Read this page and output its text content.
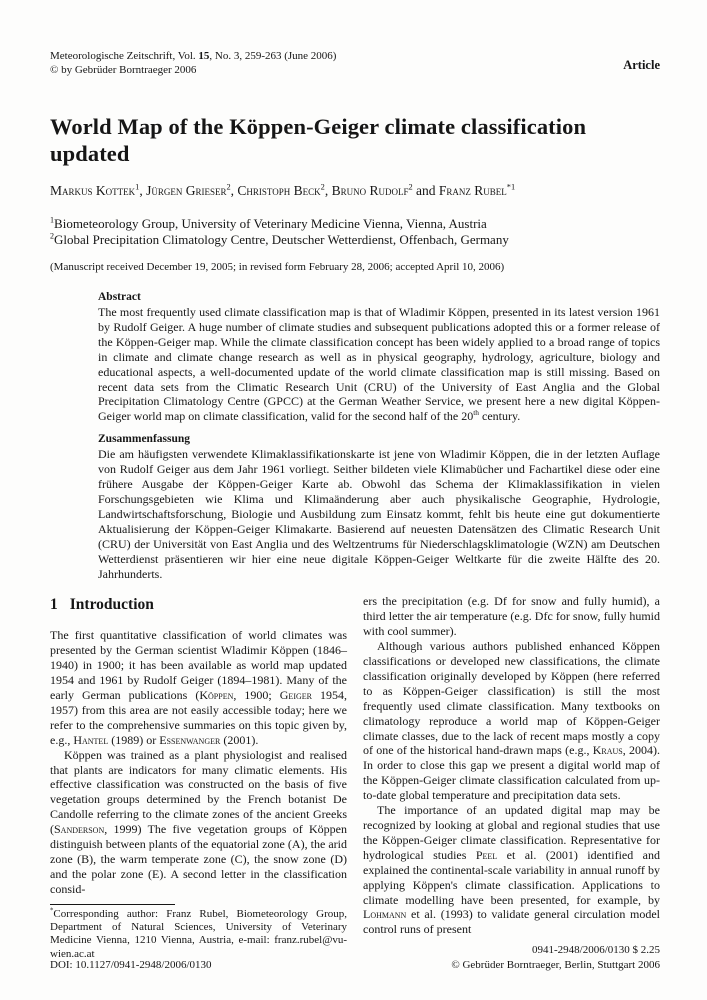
Meteorologische Zeitschrift, Vol. 15, No. 3, 259-263 (June 2006)
© by Gebrüder Borntraeger 2006	Article
World Map of the Köppen-Geiger climate classification updated
Markus Kottek$^1$, Jürgen Grieser$^2$, Christoph Beck$^2$, Bruno Rudolf$^2$ and Franz Rubel$^{*1}$
$^1$Biometeorology Group, University of Veterinary Medicine Vienna, Vienna, Austria
$^2$Global Precipitation Climatology Centre, Deutscher Wetterdienst, Offenbach, Germany
(Manuscript received December 19, 2005; in revised form February 28, 2006; accepted April 10, 2006)
Abstract

The most frequently used climate classification map is that of Wladimir Köppen, presented in its latest version 1961 by Rudolf Geiger. A huge number of climate studies and subsequent publications adopted this or a former release of the Köppen-Geiger map. While the climate classification concept has been widely applied to a broad range of topics in climate and climate change research as well as in physical geography, hydrology, agriculture, biology and educational aspects, a well-documented update of the world climate classification map is still missing. Based on recent data sets from the Climatic Research Unit (CRU) of the University of East Anglia and the Global Precipitation Climatology Centre (GPCC) at the German Weather Service, we present here a new digital Köppen-Geiger world map on climate classification, valid for the second half of the 20th century.

Zusammenfassung

Die am häufigsten verwendete Klimaklassifikationskarte ist jene von Wladimir Köppen, die in der letzten Auflage von Rudolf Geiger aus dem Jahr 1961 vorliegt. Seither bildeten viele Klimabücher und Fachartikel diese oder eine frühere Ausgabe der Köppen-Geiger Karte ab. Obwohl das Schema der Klimaklassifikation in vielen Forschungsgebieten wie Klima und Klimaänderung aber auch physikalische Geographie, Hydrologie, Landwirtschaftsforschung, Biologie und Ausbildung zum Einsatz kommt, fehlt bis heute eine gut dokumentierte Aktualisierung der Köppen-Geiger Klimakarte. Basierend auf neuesten Datensätzen des Climatic Research Unit (CRU) der Universität von East Anglia und des Weltzentrums für Niederschlagsklimatologie (WZN) am Deutschen Wetterdienst präsentieren wir hier eine neue digitale Köppen-Geiger Weltkarte für die zweite Hälfte des 20. Jahrhunderts.

1 Introduction

The first quantitative classification of world climates was presented by the German scientist Wladimir Köppen (1846–1940) in 1900; it has been available as world map updated 1954 and 1961 by Rudolf Geiger (1894–1981). Many of the early German publications (Köppen, 1900; Geiger 1954, 1957) from this area are not easily accessible today; here we refer to the comprehensive summaries on this topic given by, e.g., Hantel (1989) or Essenwanger (2001).

Köppen was trained as a plant physiologist and realised that plants are indicators for many climatic elements. His effective classification was constructed on the basis of five vegetation groups determined by the French botanist De Candolle referring to the climate zones of the ancient Greeks (Sanderson, 1999) The five vegetation groups of Köppen distinguish between plants of the equatorial zone (A), the arid zone (B), the warm temperate zone (C), the snow zone (D) and the polar zone (E). A second letter in the classification consid-

*Corresponding author: Franz Rubel, Biometeorology Group, Department of Natural Sciences, University of Veterinary Medicine Vienna, 1210 Vienna, Austria, e-mail: franz.rubel@vu-wien.ac.at

ers the precipitation (e.g. Df for snow and fully humid), a third letter the air temperature (e.g. Dfc for snow, fully humid with cool summer).

Although various authors published enhanced Köppen classifications or developed new classifications, the climate classification originally developed by Köppen (here referred to as Köppen-Geiger classification) is still the most frequently used climate classification. Many textbooks on climatology reproduce a world map of Köppen-Geiger climate classes, due to the lack of recent maps mostly a copy of one of the historical hand-drawn maps (e.g., Kraus, 2004). In order to close this gap we present a digital world map of the Köppen-Geiger climate classification calculated from up-to-date global temperature and precipitation data sets.

The importance of an updated digital map may be recognized by looking at global and regional studies that use the Köppen-Geiger climate classification. Representative for hydrological studies Peel et al. (2001) identified and explained the continental-scale variability in annual runoff by applying Köppen's climate classification. Applications to climate modelling have been presented, for example, by Lohmann et al. (1993) to validate general circulation model control runs of present

0941-2948/2006/0130 $ 2.25
DOI: 10.1127/0941-2948/2006/0130	© Gebrüder Borntraeger, Berlin, Stuttgart 2006
